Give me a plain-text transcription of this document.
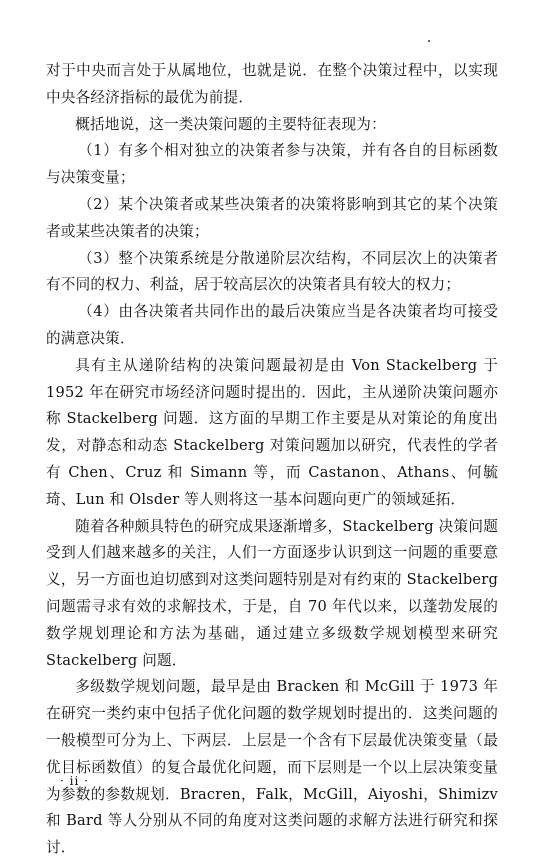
对于中央而言处于从属地位，也就是说．在整个决策过程中，以实现中央各经济指标的最优为前提．

概括地说，这一类决策问题的主要特征表现为：

（1）有多个相对独立的决策者参与决策，并有各自的目标函数与决策变量；

（2）某个决策者或某些决策者的决策将影响到其它的某个决策者或某些决策者的决策；

（3）整个决策系统是分散递阶层次结构，不同层次上的决策者有不同的权力、利益，居于较高层次的决策者具有较大的权力；

（4）由各决策者共同作出的最后决策应当是各决策者均可接受的满意决策．

具有主从递阶结构的决策问题最初是由 Von Stackelberg 于 1952 年在研究市场经济问题时提出的．因此，主从递阶决策问题亦称 Stackelberg 问题．这方面的早期工作主要是从对策论的角度出发，对静态和动态 Stackelberg 对策问题加以研究，代表性的学者有 Chen、Cruz 和 Simann 等，而 Castanon、Athans、何毓琦、Lun 和 Olsder 等人则将这一基本问题向更广的领域延拓．

随着各种颇具特色的研究成果逐渐增多，Stackelberg 决策问题受到人们越来越多的关注，人们一方面逐步认识到这一问题的重要意义，另一方面也迫切感到对这类问题特别是对有约束的 Stackelberg 问题需寻求有效的求解技术，于是，自 70 年代以来，以蓬勃发展的数学规划理论和方法为基础，通过建立多级数学规划模型来研究 Stackelberg 问题．

多级数学规划问题，最早是由 Bracken 和 McGill 于 1973 年在研究一类约束中包括子优化问题的数学规划时提出的．这类问题的一般模型可分为上、下两层．上层是一个含有下层最优决策变量（最优目标函数值）的复合最优化问题，而下层则是一个以上层决策变量为参数的参数规划．Bracren，Falk，McGill，Aiyoshi，Shimizv 和 Bard 等人分别从不同的角度对这类问题的求解方法进行研究和探讨．

· ii ·
